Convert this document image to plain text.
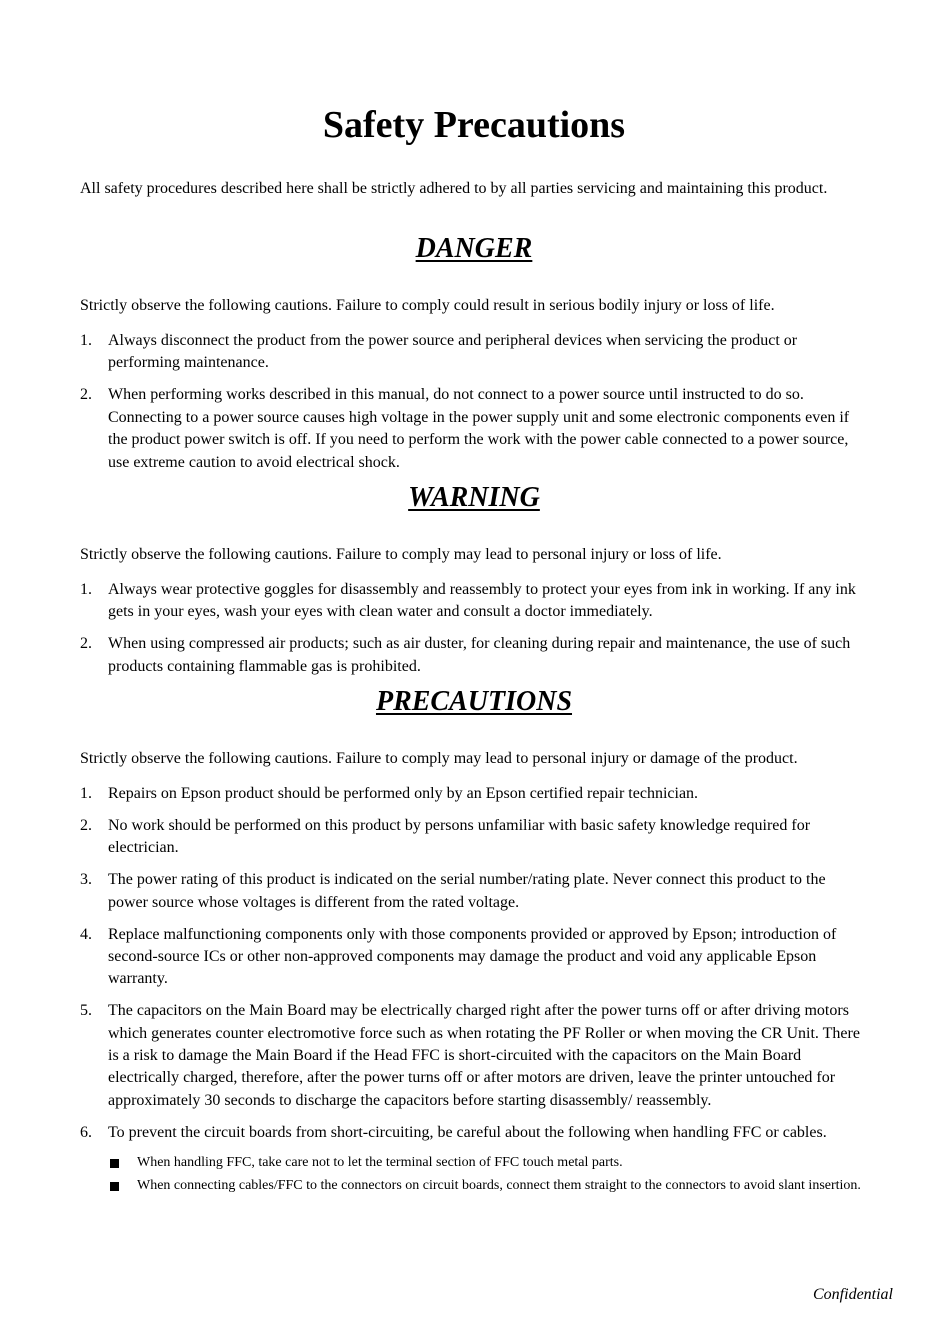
Safety Precautions
All safety procedures described here shall be strictly adhered to by all parties servicing and maintaining this product.
DANGER
Strictly observe the following cautions. Failure to comply could result in serious bodily injury or loss of life.
1. Always disconnect the product from the power source and peripheral devices when servicing the product or performing maintenance.
2. When performing works described in this manual, do not connect to a power source until instructed to do so. Connecting to a power source causes high voltage in the power supply unit and some electronic components even if the product power switch is off. If you need to perform the work with the power cable connected to a power source, use extreme caution to avoid electrical shock.
WARNING
Strictly observe the following cautions. Failure to comply may lead to personal injury or loss of life.
1. Always wear protective goggles for disassembly and reassembly to protect your eyes from ink in working. If any ink gets in your eyes, wash your eyes with clean water and consult a doctor immediately.
2. When using compressed air products; such as air duster, for cleaning during repair and maintenance, the use of such products containing flammable gas is prohibited.
PRECAUTIONS
Strictly observe the following cautions. Failure to comply may lead to personal injury or damage of the product.
1. Repairs on Epson product should be performed only by an Epson certified repair technician.
2. No work should be performed on this product by persons unfamiliar with basic safety knowledge required for electrician.
3. The power rating of this product is indicated on the serial number/rating plate. Never connect this product to the power source whose voltages is different from the rated voltage.
4. Replace malfunctioning components only with those components provided or approved by Epson; introduction of second-source ICs or other non-approved components may damage the product and void any applicable Epson warranty.
5. The capacitors on the Main Board may be electrically charged right after the power turns off or after driving motors which generates counter electromotive force such as when rotating the PF Roller or when moving the CR Unit. There is a risk to damage the Main Board if the Head FFC is short-circuited with the capacitors on the Main Board electrically charged, therefore, after the power turns off or after motors are driven, leave the printer untouched for approximately 30 seconds to discharge the capacitors before starting disassembly/ reassembly.
6. To prevent the circuit boards from short-circuiting, be careful about the following when handling FFC or cables.
When handling FFC, take care not to let the terminal section of FFC touch metal parts.
When connecting cables/FFC to the connectors on circuit boards, connect them straight to the connectors to avoid slant insertion.
Confidential
